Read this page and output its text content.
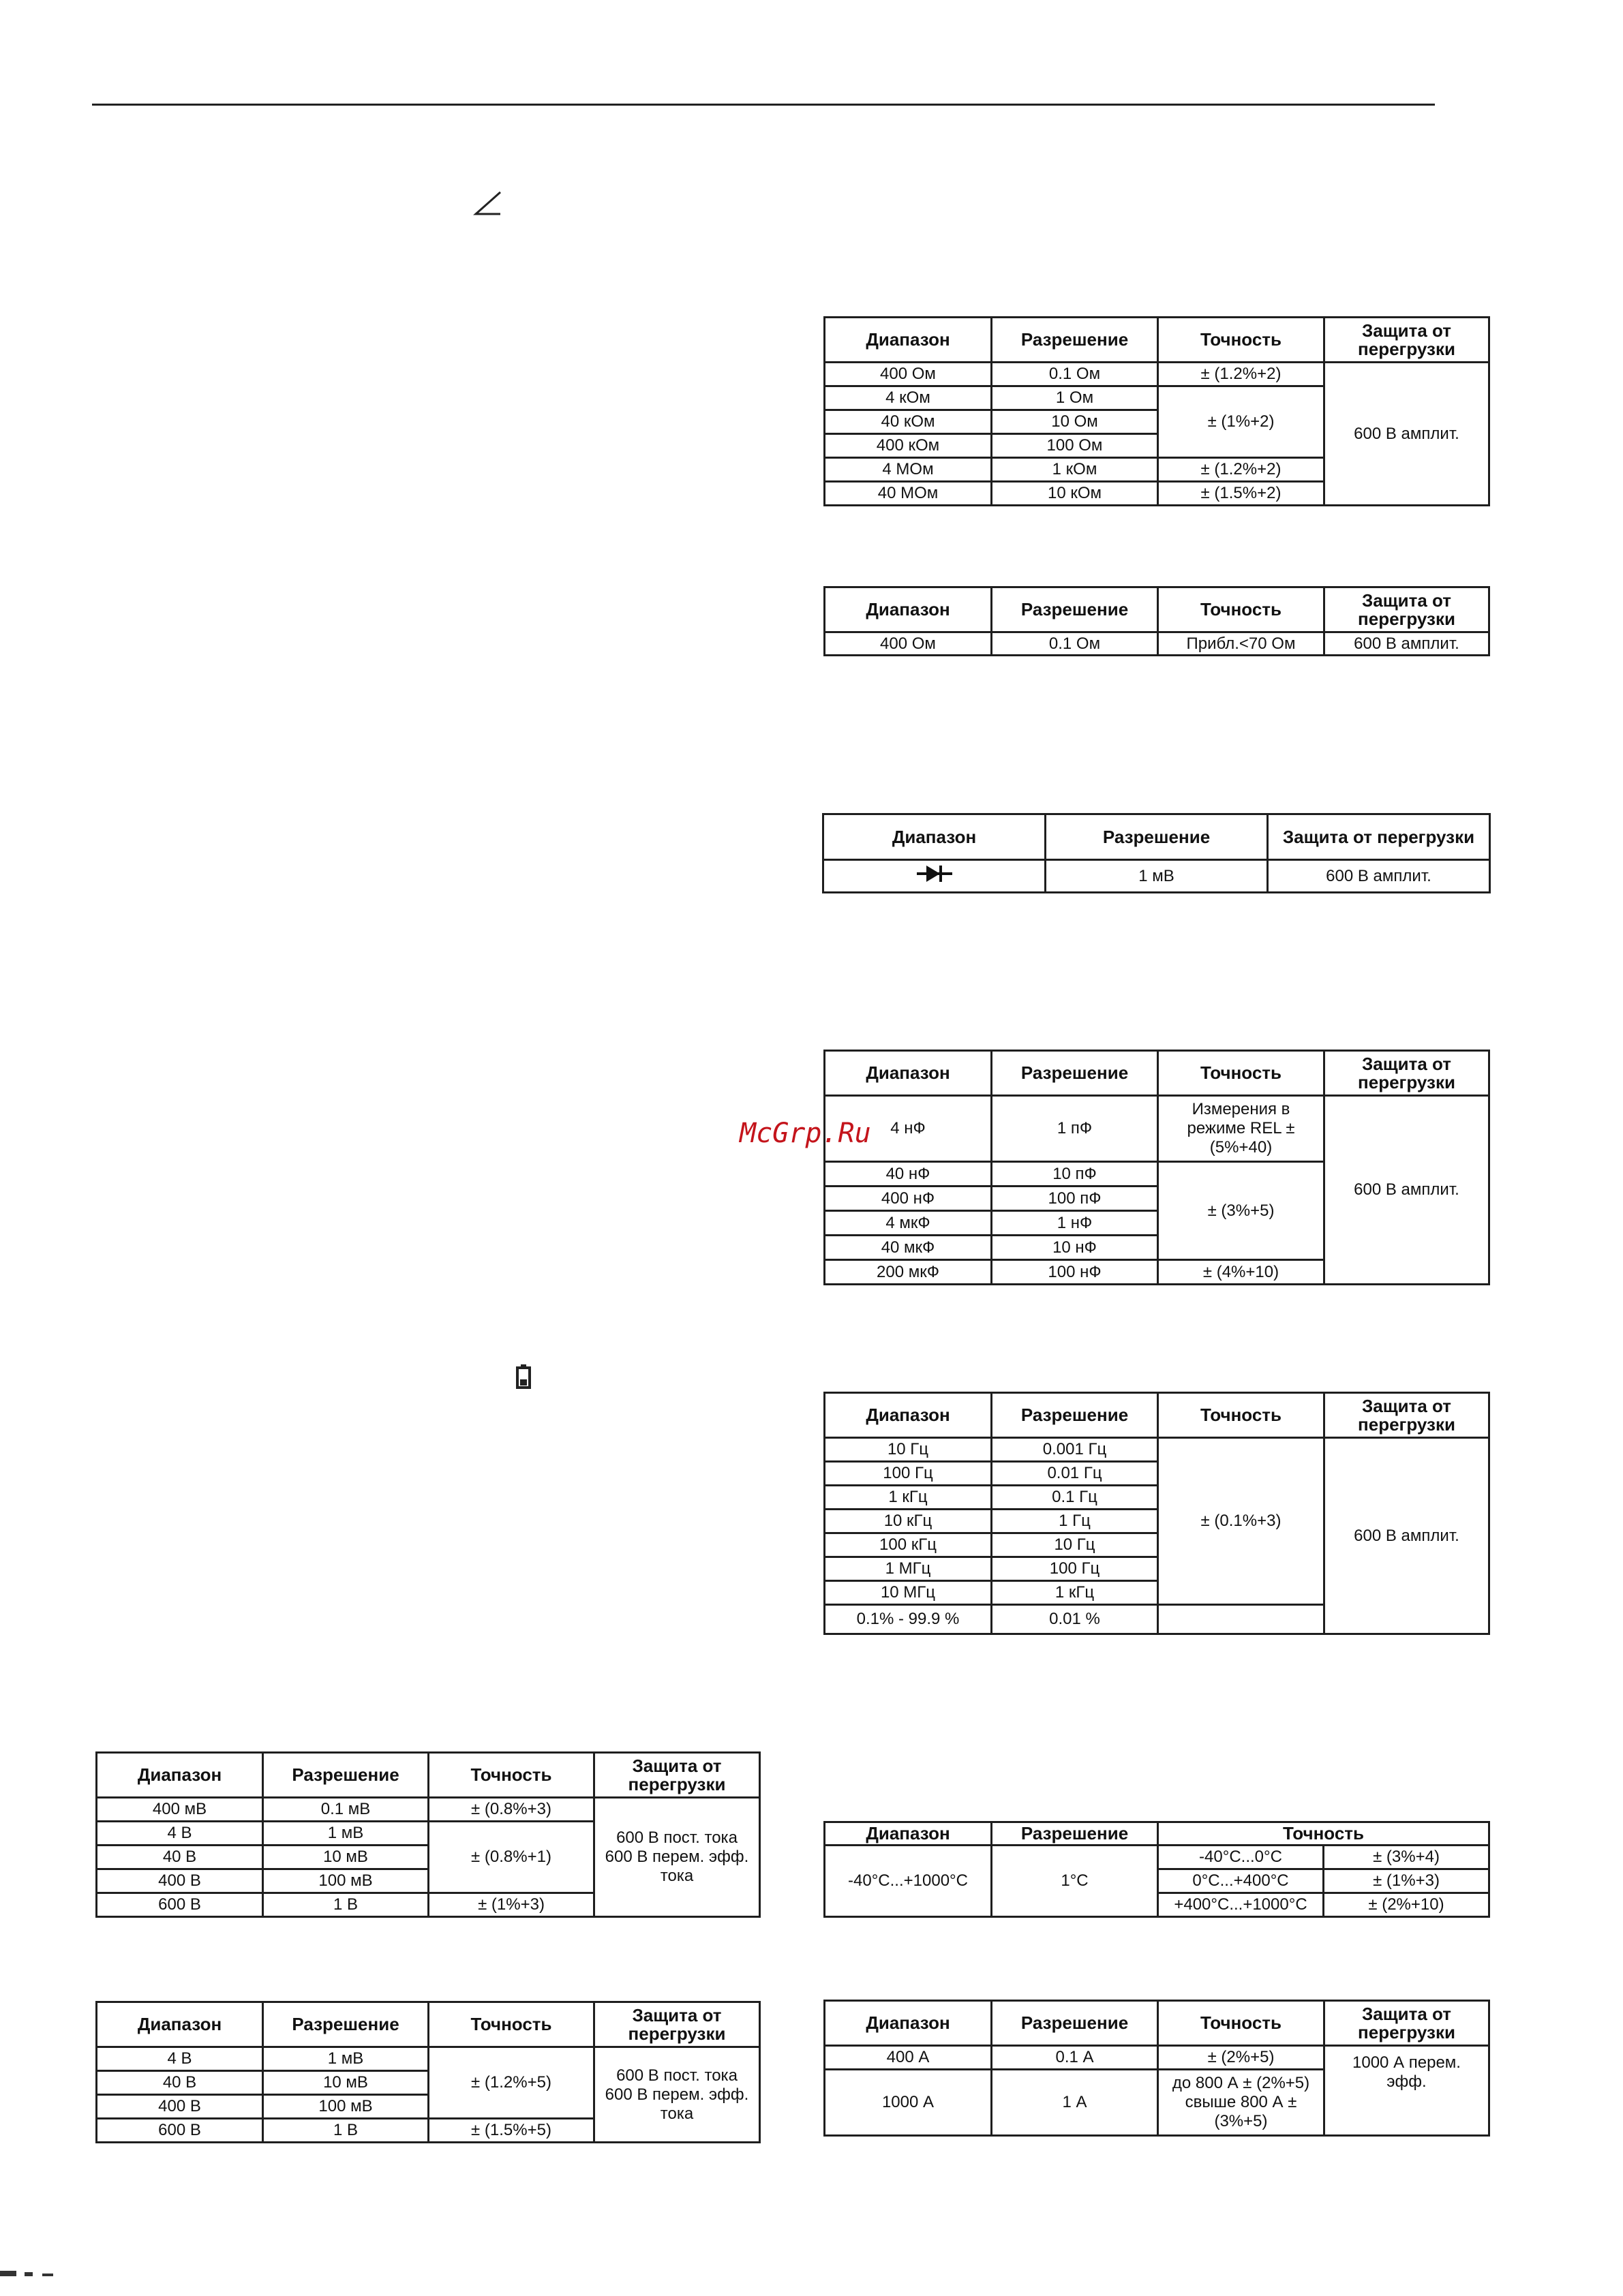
McGrp.Ru
Диапазон	Разрешение	Точность	Защита от перегрузки
400 Ом	0.1 Ом	± (1.2%+2)	600 В амплит.
4 кОм	1 Ом	± (1%+2)	
40 кОм	10 Ом		
400 кОм	100 Ом		
4 МОм	1 кОм	± (1.2%+2)	
40 МОм	10 кОм	± (1.5%+2)	
Диапазон	Разрешение	Точность	Защита от перегрузки
400 Ом	0.1 Ом	Прибл.<70 Ом	600 В амплит.
Диапазон	Разрешение	Защита от перегрузки
	1 мВ	600 В амплит.
Диапазон	Разрешение	Точность	Защита от перегрузки
4 нФ	1 пФ	Измерения в режиме REL ± (5%+40)	600 В амплит.
40 нФ	10 пФ	± (3%+5)	
400 нФ	100 пФ		
4 мкФ	1 нФ		
40 мкФ	10 нФ		
200 мкФ	100 нФ	± (4%+10)	
Диапазон	Разрешение	Точность	Защита от перегрузки
10 Гц	0.001 Гц	± (0.1%+3)	600 В амплит.
100 Гц	0.01 Гц		
1 кГц	0.1 Гц		
10 кГц	1 Гц		
100 кГц	10 Гц		
1 МГц	100 Гц		
10 МГц	1 кГц		
0.1% - 99.9 %	0.01 %		
Диапазон	Разрешение	Точность	Защита от перегрузки
400 мВ	0.1 мВ	± (0.8%+3)	600 В пост. тока 600 В перем. эфф. тока
4 В	1 мВ	± (0.8%+1)	
40 В	10 мВ		
400 В	100 мВ		
600 В	1 В	± (1%+3)	
Диапазон	Разрешение	Точность	Защита от перегрузки
4 В	1 мВ	± (1.2%+5)	600 В пост. тока 600 В перем. эфф. тока
40 В	10 мВ		
400 В	100 мВ		
600 В	1 В	± (1.5%+5)	
Диапазон	Разрешение	Точность	
-40°C...+1000°C	1°C	-40°C...0°C	± (3%+4)
		0°C...+400°C	± (1%+3)
		+400°C...+1000°C	± (2%+10)
Диапазон	Разрешение	Точность	Защита от перегрузки
400 А	0.1 А	± (2%+5)	1000 А перем. эфф.
1000 А	1 А	до 800 А ± (2%+5) свыше 800 А ± (3%+5)	
